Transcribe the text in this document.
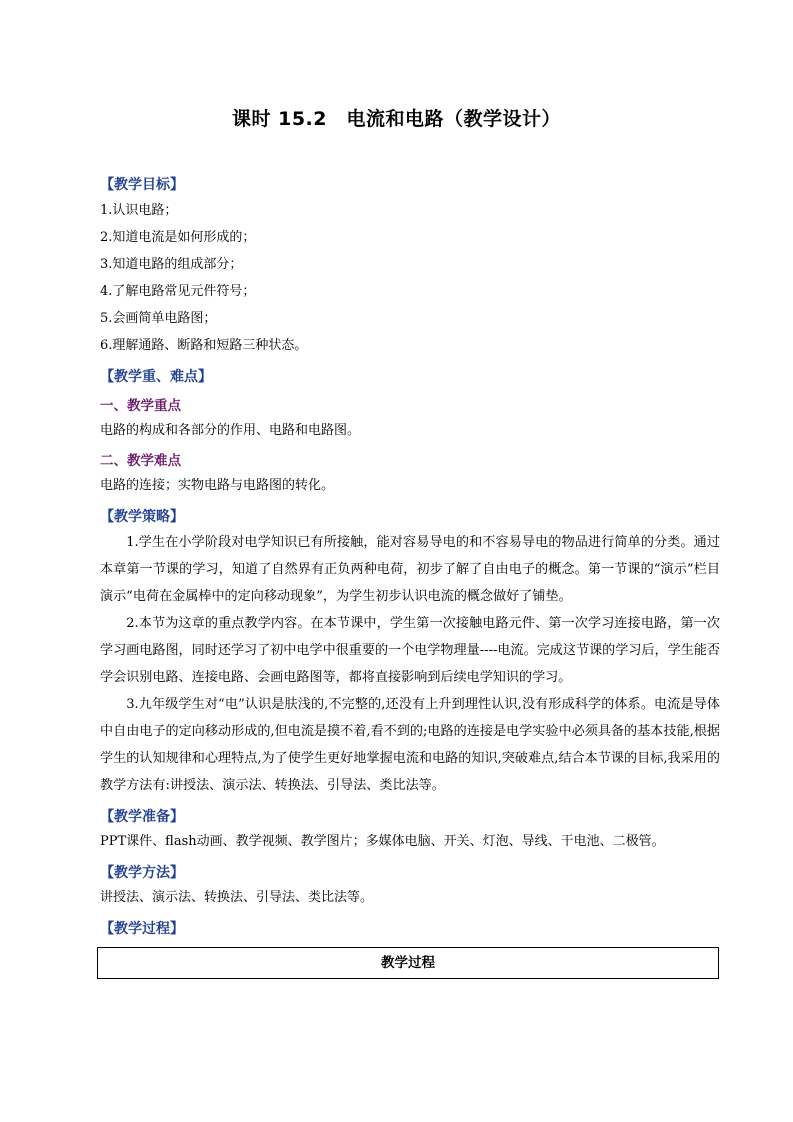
课时 15.2　电流和电路（教学设计）
【教学目标】
1.认识电路；
2.知道电流是如何形成的；
3.知道电路的组成部分；
4.了解电路常见元件符号；
5.会画简单电路图；
6.理解通路、断路和短路三种状态。
【教学重、难点】
一、教学重点
电路的构成和各部分的作用、电路和电路图。
二、教学难点
电路的连接；实物电路与电路图的转化。
【教学策略】
1.学生在小学阶段对电学知识已有所接触，能对容易导电的和不容易导电的物品进行简单的分类。通过本章第一节课的学习，知道了自然界有正负两种电荷，初步了解了自由电子的概念。第一节课的“演示”栏目演示“电荷在金属棒中的定向移动现象”，为学生初步认识电流的概念做好了铺垫。
2.本节为这章的重点教学内容。在本节课中，学生第一次接触电路元件、第一次学习连接电路，第一次学习画电路图，同时还学习了初中电学中很重要的一个电学物理量----电流。完成这节课的学习后，学生能否学会识别电路、连接电路、会画电路图等，都将直接影响到后续电学知识的学习。
3.九年级学生对“电”认识是肤浅的,不完整的,还没有上升到理性认识,没有形成科学的体系。电流是导体中自由电子的定向移动形成的,但电流是摸不着,看不到的;电路的连接是电学实验中必须具备的基本技能,根据学生的认知规律和心理特点,为了使学生更好地掌握电流和电路的知识,突破难点,结合本节课的目标,我采用的教学方法有:讲授法、演示法、转换法、引导法、类比法等。
【教学准备】
PPT课件、flash动画、教学视频、教学图片；多媒体电脑、开关、灯泡、导线、干电池、二极管。
【教学方法】
讲授法、演示法、转换法、引导法、类比法等。
【教学过程】
教学过程
